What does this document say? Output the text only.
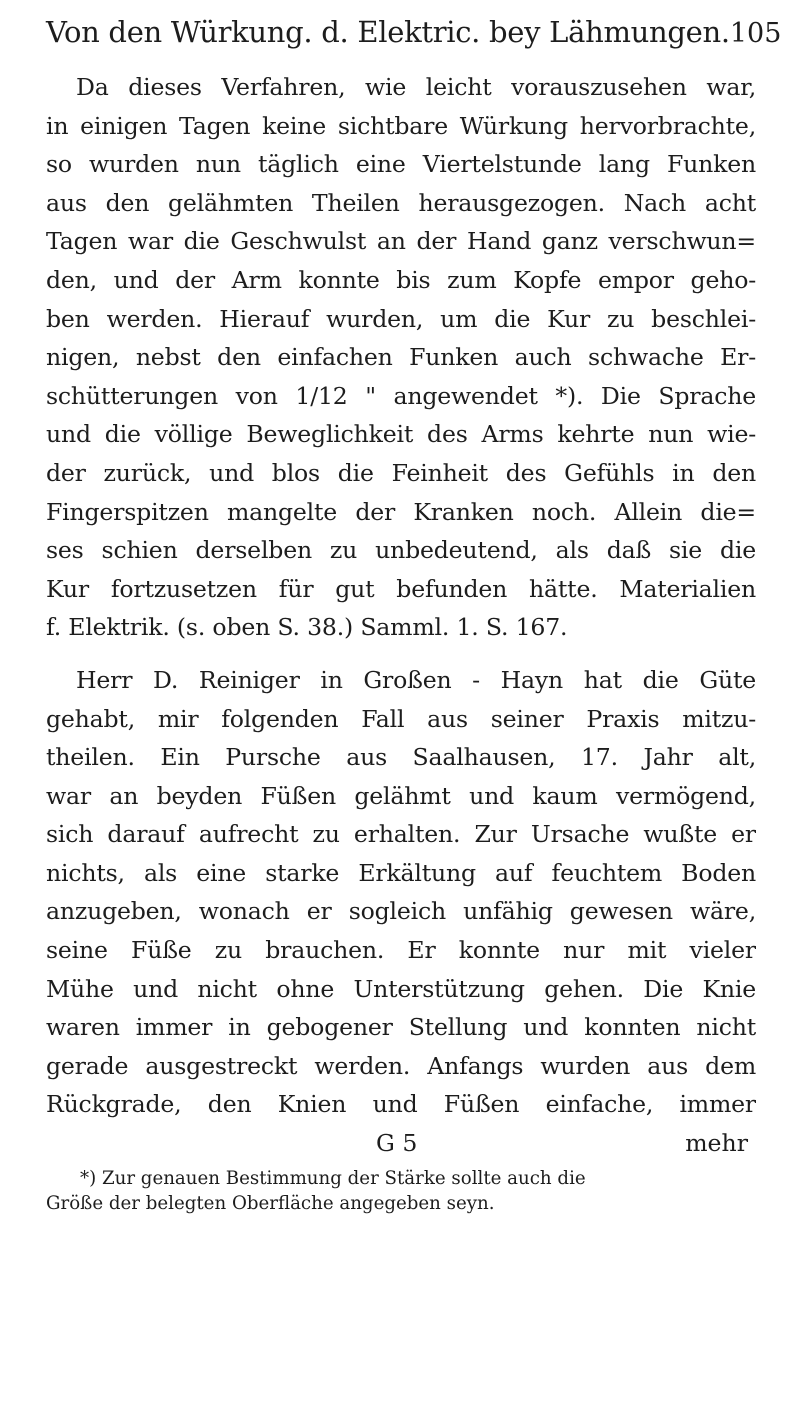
Von den Würkung. d. Elektric. bey Lähmungen. 105
Da dieses Verfahren, wie leicht vorauszusehen war,
in einigen Tagen keine sichtbare Würkung hervorbrachte,
so wurden nun täglich eine Viertelstunde lang Funken
aus den gelähmten Theilen herausgezogen. Nach acht
Tagen war die Geschwulst an der Hand ganz verschwun=
den, und der Arm konnte bis zum Kopfe empor geho-
ben werden. Hierauf wurden, um die Kur zu beschlei-
nigen, nebst den einfachen Funken auch schwache Er-
schütterungen von 1/12 " angewendet *). Die Sprache
und die völlige Beweglichkeit des Arms kehrte nun wie-
der zurück, und blos die Feinheit des Gefühls in den
Fingerspitzen mangelte der Kranken noch. Allein die=
ses schien derselben zu unbedeutend, als daß sie die
Kur fortzusetzen für gut befunden hätte. Materialien
f. Elektrik. (s. oben S. 38.) Samml. 1. S. 167.
Herr D. Reiniger in Großen - Hayn hat die Güte
gehabt, mir folgenden Fall aus seiner Praxis mitzu-
theilen. Ein Pursche aus Saalhausen, 17. Jahr alt,
war an beyden Füßen gelähmt und kaum vermögend,
sich darauf aufrecht zu erhalten. Zur Ursache wußte er
nichts, als eine starke Erkältung auf feuchtem Boden
anzugeben, wonach er sogleich unfähig gewesen wäre,
seine Füße zu brauchen. Er konnte nur mit vieler
Mühe und nicht ohne Unterstützung gehen. Die Knie
waren immer in gebogener Stellung und konnten nicht
gerade ausgestreckt werden. Anfangs wurden aus dem
Rückgrade, den Knien und Füßen einfache, immer
G 5	mehr
*) Zur genauen Bestimmung der Stärke sollte auch die
Größe der belegten Oberfläche angegeben seyn.
